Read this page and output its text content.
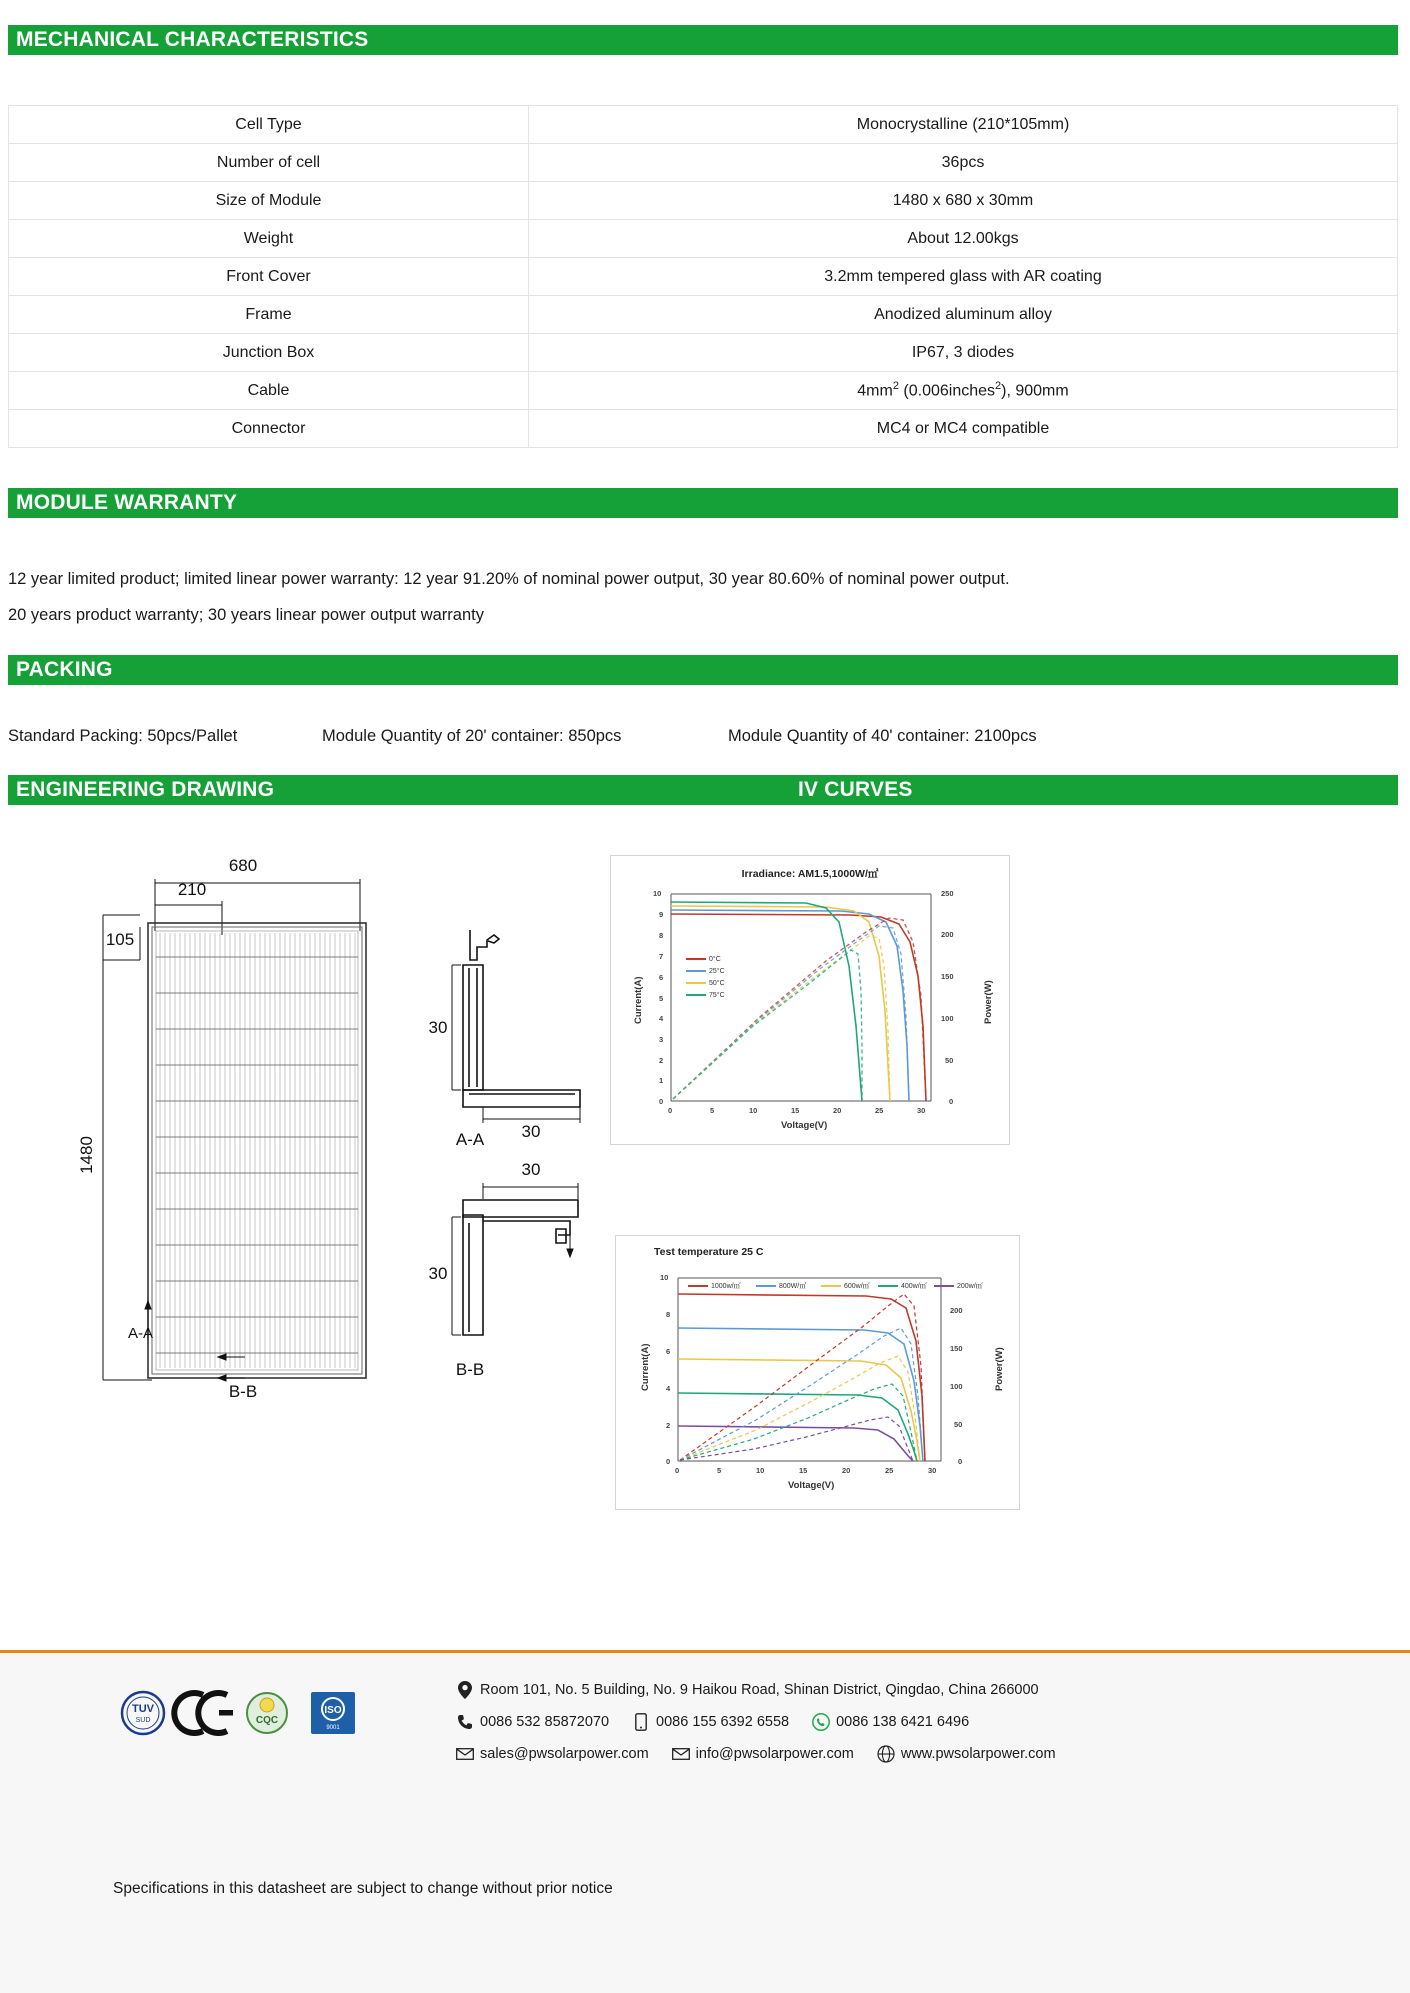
MECHANICAL CHARACTERISTICS
Cell Type	Monocrystalline (210*105mm)
Number of cell	36pcs
Size of Module	1480 x 680 x 30mm
Weight	About 12.00kgs
Front Cover	3.2mm tempered glass with AR coating
Frame	Anodized aluminum alloy
Junction Box	IP67, 3 diodes
Cable	$4mm^2$ (0.006inches$^2$), 900mm
Connector	MC4 or MC4 compatible
MODULE WARRANTY
12 year limited product; limited linear power warranty: 12 year 91.20% of nominal power output, 30 year 80.60% of nominal power output.
20 years product warranty; 30 years linear power output warranty
PACKING
Standard Packing: 50pcs/Pallet	Module Quantity of 20' container: 850pcs	Module Quantity of 40' container: 2100pcs
ENGINEERING DRAWING	IV CURVES
680
210
105
1480
A-A
B-B
30
30
A-A
30
30
B-B
Irradiance: AM1.5,1000W/㎡
10
9
8
7
6
5
4
3
2
1
0
0	5	10	15	20	25	30
250
200
150
100
50
0
Voltage(V)
Current(A)	Power(W)
0°C
25°C
50°C
75°C
Test temperature 25 C
10
8
6
4
2
0
0	5	10	15	20	25	30
200
150
100
50
0
Voltage(V)
Current(A)	Power(W)
1000w/㎡	800W/㎡	600w/㎡	400w/㎡	200w/㎡
TUV
SUD	CQC
ISO
9001
Room 101, No. 5 Building, No. 9 Haikou Road, Shinan District, Qingdao, China 266000
0086 532 85872070	0086 155 6392 6558	0086 138 6421 6496
sales@pwsolarpower.com	info@pwsolarpower.com	www.pwsolarpower.com
Specifications in this datasheet are subject to change without prior notice
